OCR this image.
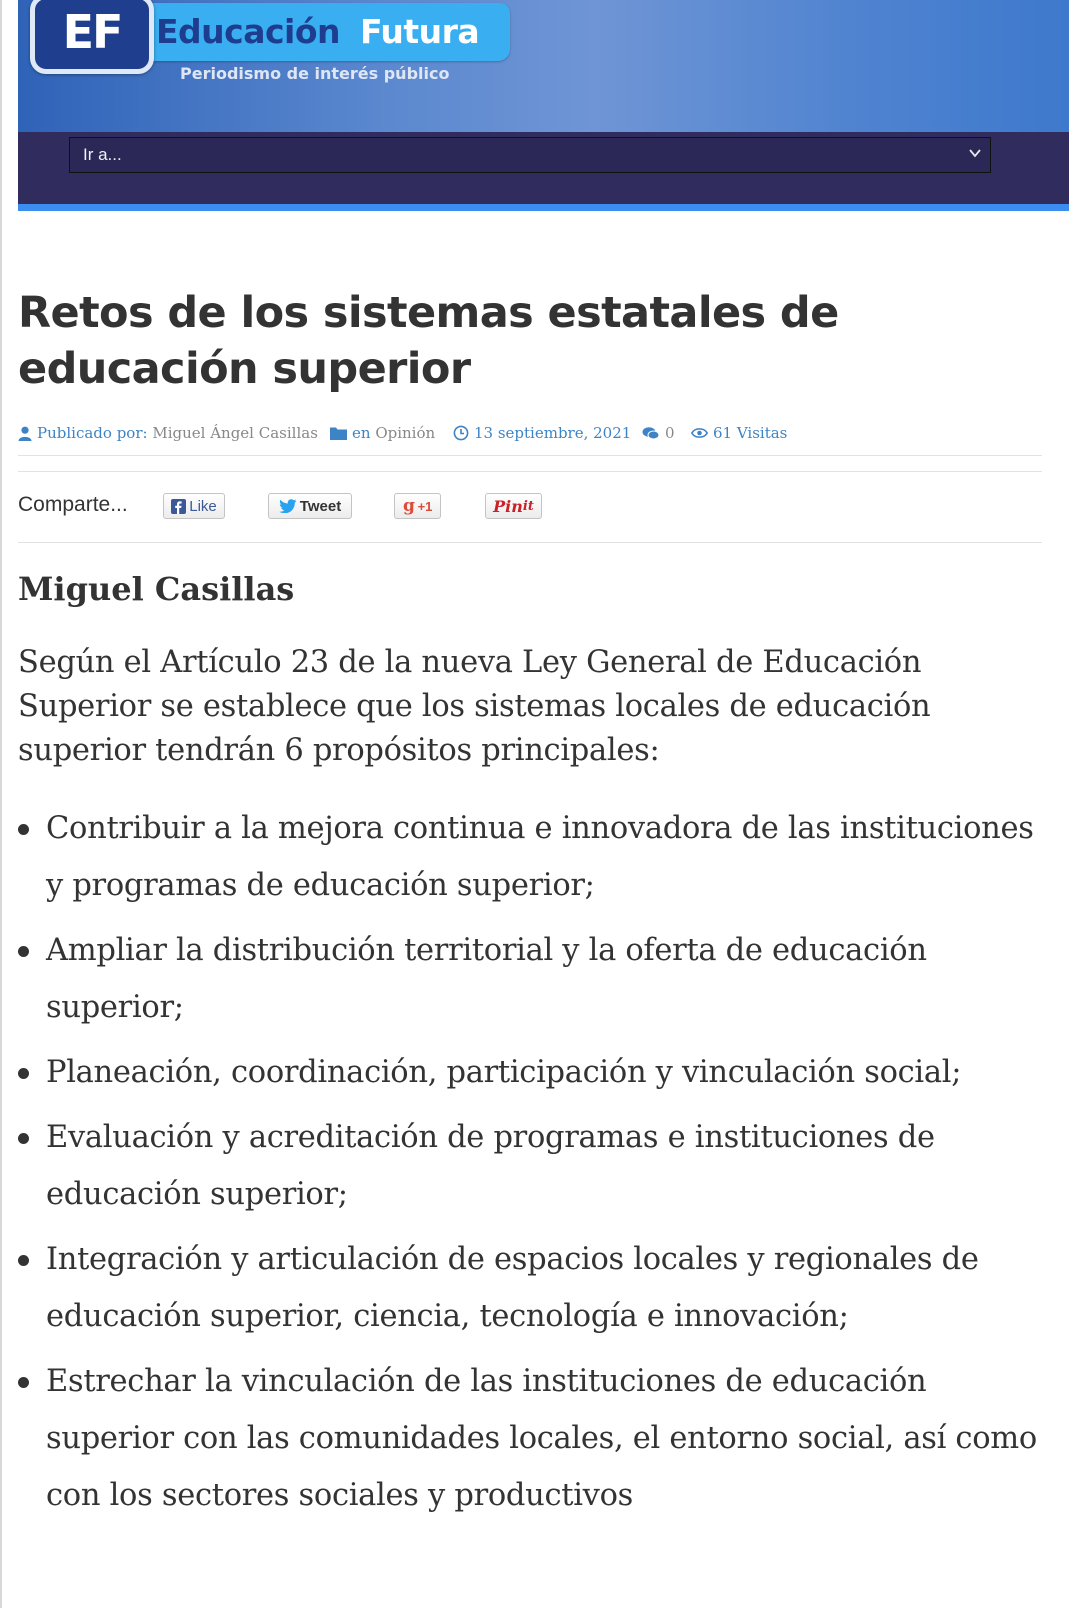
Educación Futura
EF
Periodismo de interés público
Ir a...
Retos de los sistemas estatales de educación superior
Publicado por:
Miguel Ángel Casillas en
Opinión	13 septiembre, 2021 0	61 Visitas
Comparte...	Like	Tweet	g +1	Pin it
Miguel Casillas

Según el Artículo 23 de la nueva Ley General de Educación Superior se establece que los sistemas locales de educación superior tendrán 6 propósitos principales:

Contribuir a la mejora continua e innovadora de las instituciones y programas de educación superior;
Ampliar la distribución territorial y la oferta de educación superior;
Planeación, coordinación, participación y vinculación social;
Evaluación y acreditación de programas e instituciones de educación superior;
Integración y articulación de espacios locales y regionales de educación superior, ciencia, tecnología e innovación;
Estrechar la vinculación de las instituciones de educación superior con las comunidades locales, el entorno social, así como con los sectores sociales y productivos
